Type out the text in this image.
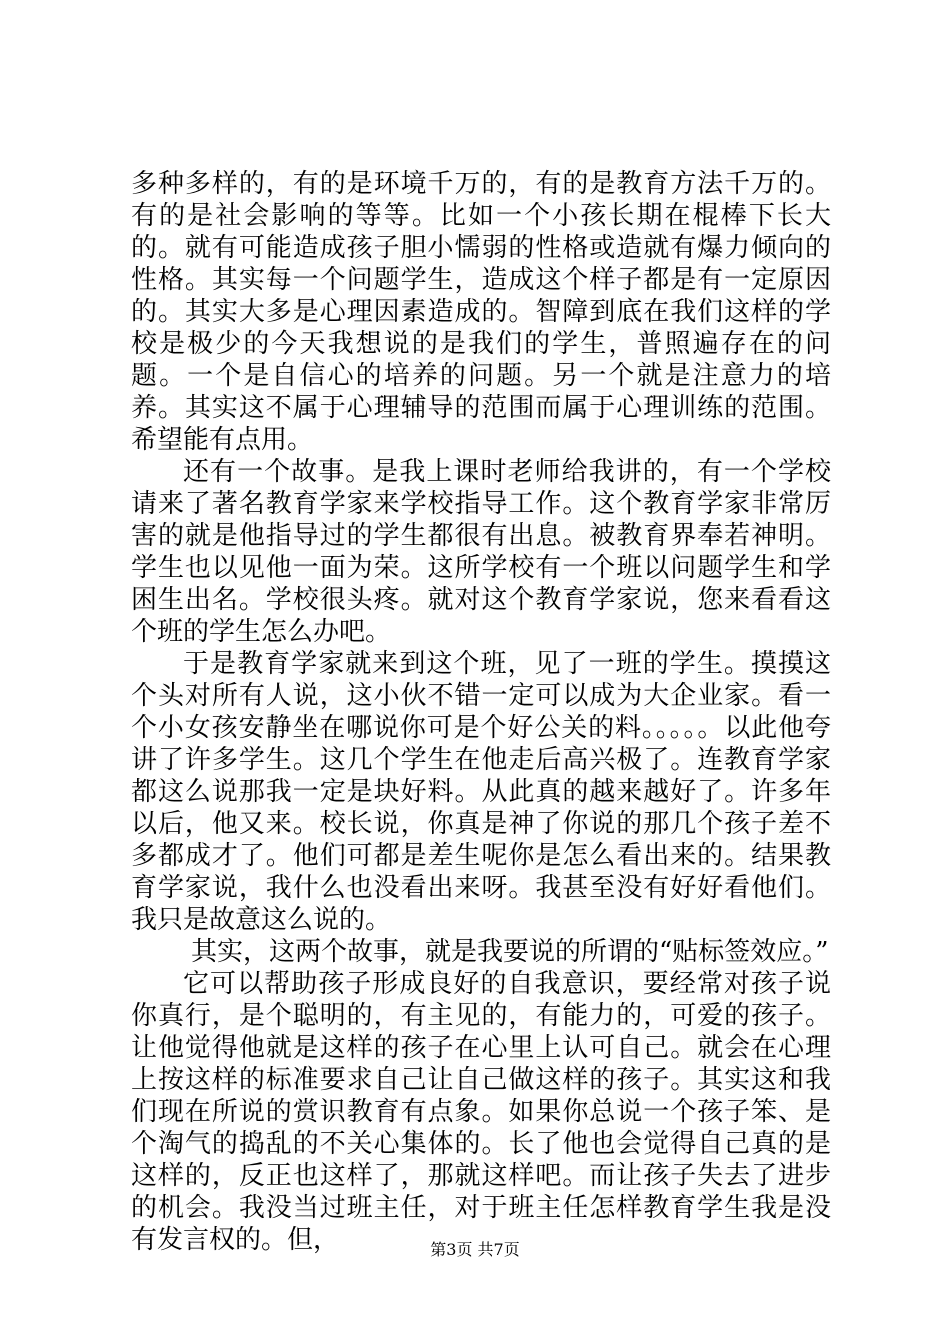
多种多样的，有的是环境千万的，有的是教育方法千万的。有的是社会影响的等等。比如一个小孩长期在棍棒下长大的。就有可能造成孩子胆小懦弱的性格或造就有爆力倾向的性格。其实每一个问题学生，造成这个样子都是有一定原因的。其实大多是心理因素造成的。智障到底在我们这样的学校是极少的今天我想说的是我们的学生，普照遍存在的问题。一个是自信心的培养的问题。另一个就是注意力的培养。其实这不属于心理辅导的范围而属于心理训练的范围。希望能有点用。

还有一个故事。是我上课时老师给我讲的，有一个学校请来了著名教育学家来学校指导工作。这个教育学家非常厉害的就是他指导过的学生都很有出息。被教育界奉若神明。学生也以见他一面为荣。这所学校有一个班以问题学生和学困生出名。学校很头疼。就对这个教育学家说，您来看看这个班的学生怎么办吧。

于是教育学家就来到这个班，见了一班的学生。摸摸这个头对所有人说，这小伙不错一定可以成为大企业家。看一个小女孩安静坐在哪说你可是个好公关的料。。。。。以此他夸讲了许多学生。这几个学生在他走后高兴极了。连教育学家都这么说那我一定是块好料。从此真的越来越好了。许多年以后，他又来。校长说，你真是神了你说的那几个孩子差不多都成才了。他们可都是差生呢你是怎么看出来的。结果教育学家说，我什么也没看出来呀。我甚至没有好好看他们。我只是故意这么说的。

其实，这两个故事，就是我要说的所谓的“贴标签效应。”

它可以帮助孩子形成良好的自我意识，要经常对孩子说你真行，是个聪明的，有主见的，有能力的，可爱的孩子。让他觉得他就是这样的孩子在心里上认可自己。就会在心理上按这样的标准要求自己让自己做这样的孩子。其实这和我们现在所说的赏识教育有点象。如果你总说一个孩子笨、是个淘气的捣乱的不关心集体的。长了他也会觉得自己真的是这样的，反正也这样了，那就这样吧。而让孩子失去了进步的机会。我没当过班主任，对于班主任怎样教育学生我是没有发言权的。但，	第3页 共7页
